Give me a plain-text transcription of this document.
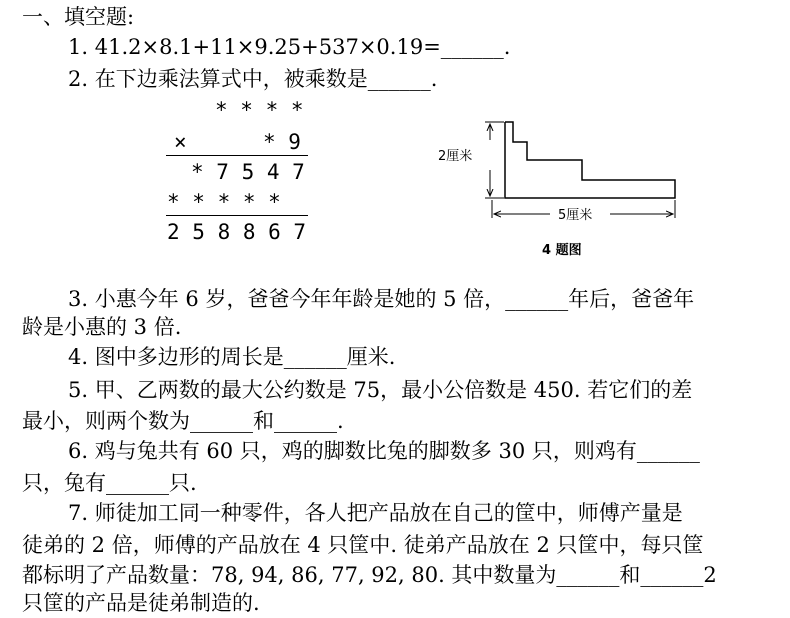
一、填空题:
1. 41.2×8.1+11×9.25+537×0.19=______.
2. 在下边乘法算式中，被乘数是______.
* * * *
×	* 9
* 7 5 4 7
* * * * *
2 5 8 8 6 7
2厘米
5厘米
4 题图
3. 小惠今年 6 岁，爸爸今年年龄是她的 5 倍，______年后，爸爸年
龄是小惠的 3 倍.
4. 图中多边形的周长是______厘米.
5. 甲、乙两数的最大公约数是 75，最小公倍数是 450. 若它们的差
最小，则两个数为______和______.
6. 鸡与兔共有 60 只，鸡的脚数比兔的脚数多 30 只，则鸡有______
只，兔有______只.
7. 师徒加工同一种零件，各人把产品放在自己的筐中，师傅产量是
徒弟的 2 倍，师傅的产品放在 4 只筐中. 徒弟产品放在 2 只筐中，每只筐
都标明了产品数量：78, 94, 86, 77, 92, 80. 其中数量为______和______2
只筐的产品是徒弟制造的.
